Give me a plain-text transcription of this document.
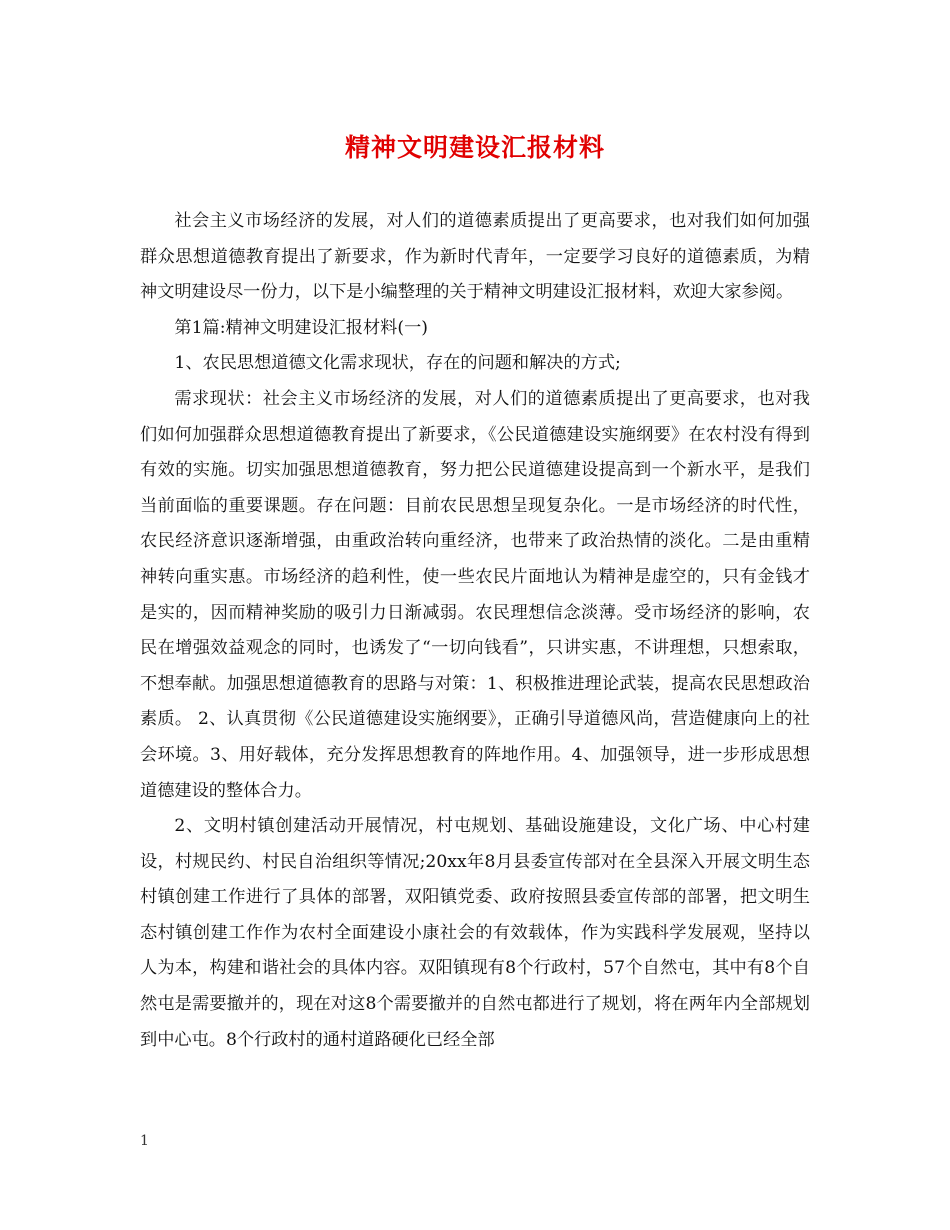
精神文明建设汇报材料

社会主义市场经济的发展，对人们的道德素质提出了更高要求，也对我们如何加强群众思想道德教育提出了新要求，作为新时代青年，一定要学习良好的道德素质，为精神文明建设尽一份力，以下是小编整理的关于精神文明建设汇报材料，欢迎大家参阅。

第1篇:精神文明建设汇报材料(一)

1、农民思想道德文化需求现状，存在的问题和解决的方式;

需求现状：社会主义市场经济的发展，对人们的道德素质提出了更高要求，也对我们如何加强群众思想道德教育提出了新要求，《公民道德建设实施纲要》在农村没有得到有效的实施。切实加强思想道德教育，努力把公民道德建设提高到一个新水平，是我们当前面临的重要课题。存在问题：目前农民思想呈现复杂化。一是市场经济的时代性，农民经济意识逐渐增强，由重政治转向重经济，也带来了政治热情的淡化。二是由重精神转向重实惠。市场经济的趋利性，使一些农民片面地认为精神是虚空的，只有金钱才是实的，因而精神奖励的吸引力日渐减弱。农民理想信念淡薄。受市场经济的影响，农民在增强效益观念的同时，也诱发了“一切向钱看”，只讲实惠，不讲理想，只想索取，不想奉献。加强思想道德教育的思路与对策：1、积极推进理论武装，提高农民思想政治素质。 2、认真贯彻《公民道德建设实施纲要》，正确引导道德风尚，营造健康向上的社会环境。3、用好载体，充分发挥思想教育的阵地作用。4、加强领导，进一步形成思想道德建设的整体合力。

2、文明村镇创建活动开展情况，村屯规划、基础设施建设，文化广场、中心村建设，村规民约、村民自治组织等情况;20xx年8月县委宣传部对在全县深入开展文明生态村镇创建工作进行了具体的部署，双阳镇党委、政府按照县委宣传部的部署，把文明生态村镇创建工作作为农村全面建设小康社会的有效载体，作为实践科学发展观，坚持以人为本，构建和谐社会的具体内容。双阳镇现有8个行政村，57个自然屯，其中有8个自然屯是需要撤并的，现在对这8个需要撤并的自然屯都进行了规划，将在两年内全部规划到中心屯。8个行政村的通村道路硬化已经全部

1
